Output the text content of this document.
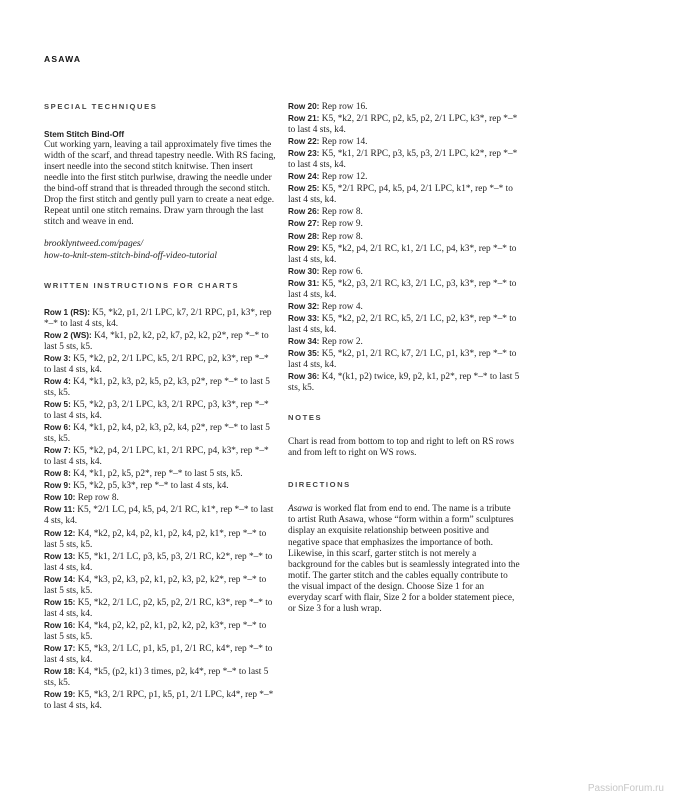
ASAWA
SPECIAL TECHNIQUES

Stem Stitch Bind-Off

Cut working yarn, leaving a tail approximately five times the width of the scarf, and thread tapestry needle. With RS facing, insert needle into the second stitch knitwise. Then insert needle into the first stitch purlwise, drawing the needle under the bind-off strand that is threaded through the second stitch. Drop the first stitch and gently pull yarn to create a neat edge. Repeat until one stitch remains. Draw yarn through the last stitch and weave in end.

brooklyntweed.com/pages/

how-to-knit-stem-stitch-bind-off-video-tutorial

WRITTEN INSTRUCTIONS FOR CHARTS

Row 1 (RS): K5, *k2, p1, 2/1 LPC, k7, 2/1 RPC, p1, k3*, rep *–* to last 4 sts, k4.

Row 2 (WS): K4, *k1, p2, k2, p2, k7, p2, k2, p2*, rep *–* to last 5 sts, k5.

Row 3: K5, *k2, p2, 2/1 LPC, k5, 2/1 RPC, p2, k3*, rep *–* to last 4 sts, k4.

Row 4: K4, *k1, p2, k3, p2, k5, p2, k3, p2*, rep *–* to last 5 sts, k5.

Row 5: K5, *k2, p3, 2/1 LPC, k3, 2/1 RPC, p3, k3*, rep *–* to last 4 sts, k4.

Row 6: K4, *k1, p2, k4, p2, k3, p2, k4, p2*, rep *–* to last 5 sts, k5.

Row 7: K5, *k2, p4, 2/1 LPC, k1, 2/1 RPC, p4, k3*, rep *–* to last 4 sts, k4.

Row 8: K4, *k1, p2, k5, p2*, rep *–* to last 5 sts, k5.

Row 9: K5, *k2, p5, k3*, rep *–* to last 4 sts, k4.

Row 10: Rep row 8.

Row 11: K5, *2/1 LC, p4, k5, p4, 2/1 RC, k1*, rep *–* to last 4 sts, k4.

Row 12: K4, *k2, p2, k4, p2, k1, p2, k4, p2, k1*, rep *–* to last 5 sts, k5.

Row 13: K5, *k1, 2/1 LC, p3, k5, p3, 2/1 RC, k2*, rep *–* to last 4 sts, k4.

Row 14: K4, *k3, p2, k3, p2, k1, p2, k3, p2, k2*, rep *–* to last 5 sts, k5.

Row 15: K5, *k2, 2/1 LC, p2, k5, p2, 2/1 RC, k3*, rep *–* to last 4 sts, k4.

Row 16: K4, *k4, p2, k2, p2, k1, p2, k2, p2, k3*, rep *–* to last 5 sts, k5.

Row 17: K5, *k3, 2/1 LC, p1, k5, p1, 2/1 RC, k4*, rep *–* to last 4 sts, k4.

Row 18: K4, *k5, (p2, k1) 3 times, p2, k4*, rep *–* to last 5 sts, k5.

Row 19: K5, *k3, 2/1 RPC, p1, k5, p1, 2/1 LPC, k4*, rep *–* to last 4 sts, k4.

Row 20: Rep row 16.

Row 21: K5, *k2, 2/1 RPC, p2, k5, p2, 2/1 LPC, k3*, rep *–* to last 4 sts, k4.

Row 22: Rep row 14.

Row 23: K5, *k1, 2/1 RPC, p3, k5, p3, 2/1 LPC, k2*, rep *–* to last 4 sts, k4.

Row 24: Rep row 12.

Row 25: K5, *2/1 RPC, p4, k5, p4, 2/1 LPC, k1*, rep *–* to last 4 sts, k4.

Row 26: Rep row 8.

Row 27: Rep row 9.

Row 28: Rep row 8.

Row 29: K5, *k2, p4, 2/1 RC, k1, 2/1 LC, p4, k3*, rep *–* to last 4 sts, k4.

Row 30: Rep row 6.

Row 31: K5, *k2, p3, 2/1 RC, k3, 2/1 LC, p3, k3*, rep *–* to last 4 sts, k4.

Row 32: Rep row 4.

Row 33: K5, *k2, p2, 2/1 RC, k5, 2/1 LC, p2, k3*, rep *–* to last 4 sts, k4.

Row 34: Rep row 2.

Row 35: K5, *k2, p1, 2/1 RC, k7, 2/1 LC, p1, k3*, rep *–* to last 4 sts, k4.

Row 36: K4, *(k1, p2) twice, k9, p2, k1, p2*, rep *–* to last 5 sts, k5.

NOTES

Chart is read from bottom to top and right to left on RS rows and from left to right on WS rows.

DIRECTIONS

Asawa is worked flat from end to end. The name is a tribute to artist Ruth Asawa, whose “form within a form” sculptures display an exquisite relationship between positive and negative space that emphasizes the importance of both. Likewise, in this scarf, garter stitch is not merely a background for the cables but is seamlessly integrated into the motif. The garter stitch and the cables equally contribute to the visual impact of the design. Choose Size 1 for an everyday scarf with flair, Size 2 for a bolder statement piece, or Size 3 for a lush wrap.

PassionForum.ru
